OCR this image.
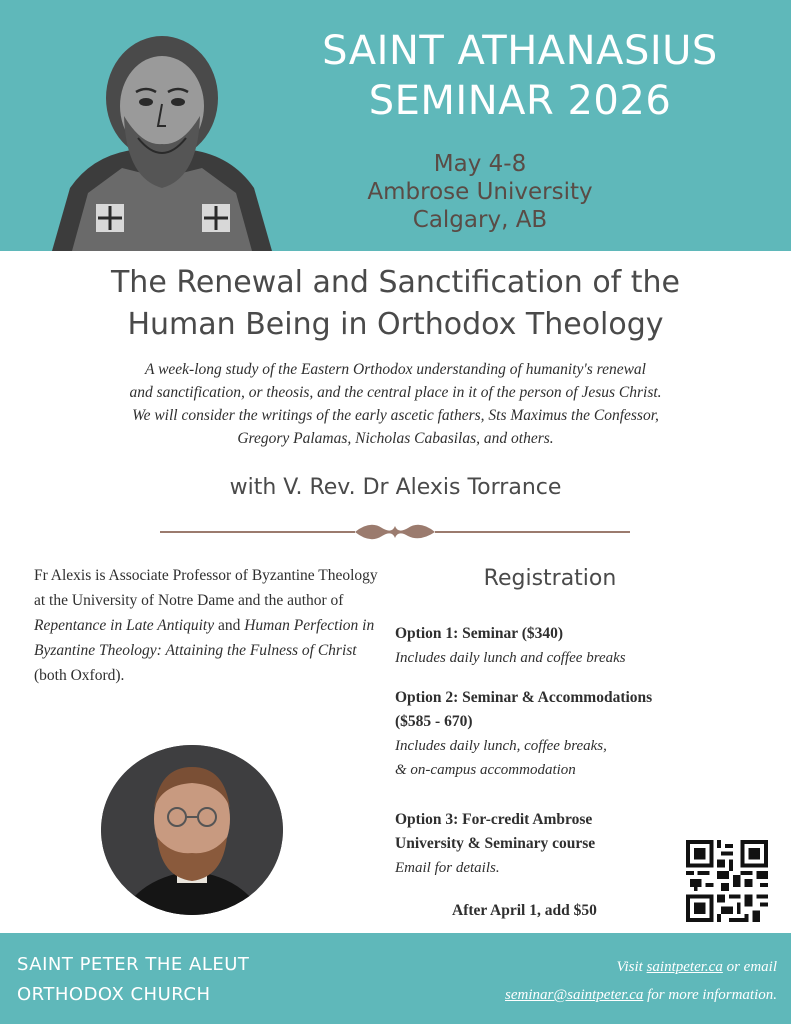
SAINT ATHANASIUS
SEMINAR 2026
May 4-8
Ambrose University
Calgary, AB
The Renewal and Sanctification of the
Human Being in Orthodox Theology

A week-long study of the Eastern Orthodox understanding of humanity's renewal

and sanctification, or theosis, and the central place in it of the person of Jesus Christ.

We will consider the writings of the early ascetic fathers, Sts Maximus the Confessor,

Gregory Palamas, Nicholas Cabasilas, and others.

with V. Rev. Dr Alexis Torrance

Fr Alexis is Associate Professor of Byzantine Theology at the University of Notre Dame and the author of Repentance in Late Antiquity and Human Perfection in Byzantine Theology: Attaining the Fulness of Christ (both Oxford).

Registration
Option 1: Seminar ($340)
Includes daily lunch and coffee breaks
Option 2: Seminar & Accommodations
($585 - 670)
Includes daily lunch, coffee breaks,
& on-campus accommodation
Option 3: For-credit Ambrose
University & Seminary course
Email for details.
After April 1, add $50
SAINT PETER THE ALEUT
ORTHODOX CHURCH
Visit saintpeter.ca or email
seminar@saintpeter.ca for more information.
